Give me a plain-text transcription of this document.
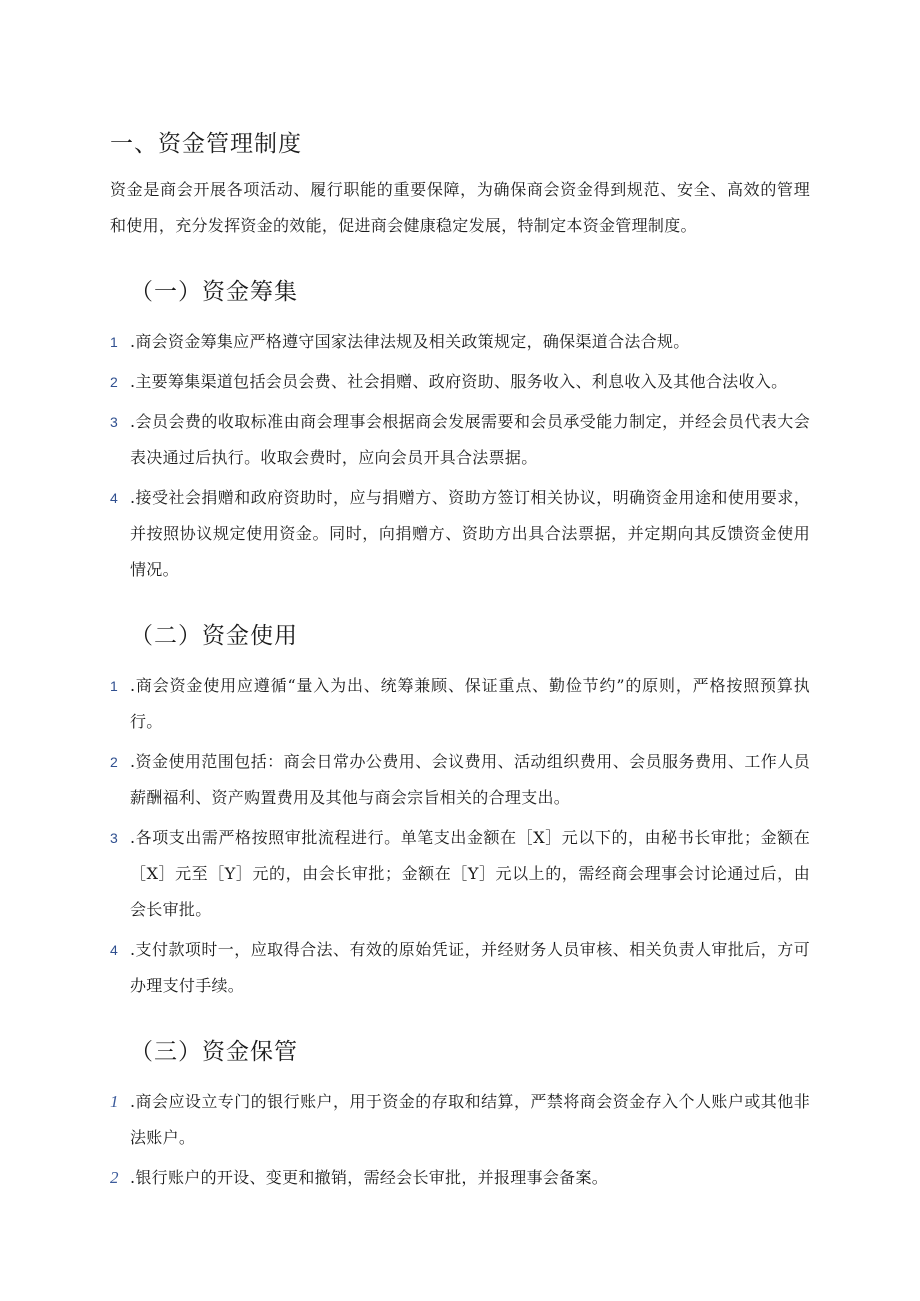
一、资金管理制度

资金是商会开展各项活动、履行职能的重要保障，为确保商会资金得到规范、安全、高效的管理和使用，充分发挥资金的效能，促进商会健康稳定发展，特制定本资金管理制度。

（一）资金筹集
1 .商会资金筹集应严格遵守国家法律法规及相关政策规定，确保渠道合法合规。
2 .主要筹集渠道包括会员会费、社会捐赠、政府资助、服务收入、利息收入及其他合法收入。
3 .会员会费的收取标准由商会理事会根据商会发展需要和会员承受能力制定，并经会员代表大会表决通过后执行。收取会费时，应向会员开具合法票据。
4 .接受社会捐赠和政府资助时，应与捐赠方、资助方签订相关协议，明确资金用途和使用要求，并按照协议规定使用资金。同时，向捐赠方、资助方出具合法票据，并定期向其反馈资金使用情况。
（二）资金使用
1 .商会资金使用应遵循“量入为出、统筹兼顾、保证重点、勤俭节约”的原则，严格按照预算执行。
2 .资金使用范围包括：商会日常办公费用、会议费用、活动组织费用、会员服务费用、工作人员薪酬福利、资产购置费用及其他与商会宗旨相关的合理支出。
3 .各项支出需严格按照审批流程进行。单笔支出金额在［X］元以下的，由秘书长审批；金额在［X］元至［Y］元的，由会长审批；金额在［Y］元以上的，需经商会理事会讨论通过后，由会长审批。
4 .支付款项时一，应取得合法、有效的原始凭证，并经财务人员审核、相关负责人审批后，方可办理支付手续。
（三）资金保管
1 .商会应设立专门的银行账户，用于资金的存取和结算，严禁将商会资金存入个人账户或其他非法账户。
2 .银行账户的开设、变更和撤销，需经会长审批，并报理事会备案。
